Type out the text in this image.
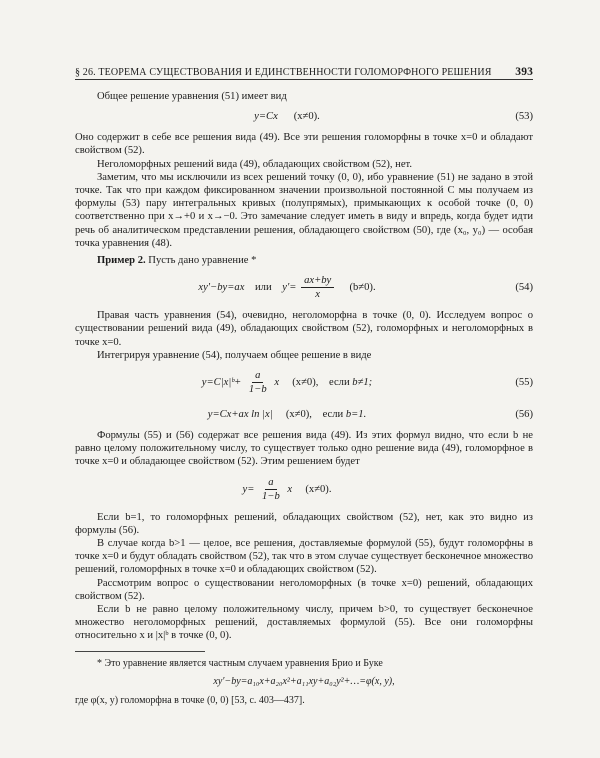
§ 26. ТЕОРЕМА СУЩЕСТВОВАНИЯ И ЕДИНСТВЕННОСТИ ГОЛОМОРФНОГО РЕШЕНИЯ 393

Общее решение уравнения (51) имеет вид

y=Cx (x≠0).	(53)

Оно содержит в себе все решения вида (49). Все эти решения голоморфны в точке x=0 и обладают свойством (52).

Неголоморфных решений вида (49), обладающих свойством (52), нет.

Заметим, что мы исключили из всех решений точку (0, 0), ибо уравнение (51) не задано в этой точке. Так что при каждом фиксированном значении произвольной постоянной C мы получаем из формулы (53) пару интегральных кривых (полупрямых), примыкающих к особой точке (0, 0) соответственно при x→+0 и x→−0. Это замечание следует иметь в виду и впредь, когда будет идти речь об аналитическом представлении решения, обладающего свойством (50), где (x₀, y₀) — особая точка уравнения (48).

Пример 2. Пусть дано уравнение *

xy′−by=ax или $y'= \frac{ax+by}{x} (b\ne 0)$.	(54)

Правая часть уравнения (54), очевидно, неголоморфна в точке (0, 0). Исследуем вопрос о существовании решений вида (49), обладающих свойством (52), голоморфных и неголоморфных в точке x=0.

Интегрируя уравнение (54), получаем общее решение в виде

y=C|x|ᵇ+ $\frac{a}{1-b}$ x (x≠0), если b≠1;	(55)
y=Cx+ax ln |x| (x≠0), если b=1.	(56)

Формулы (55) и (56) содержат все решения вида (49). Из этих формул видно, что если b не равно целому положительному числу, то существует только одно решение вида (49), голоморфное в точке x=0 и обладающее свойством (52). Этим решением будет

$y= \frac{a}{1-b}$ x (x≠0).

Если b=1, то голоморфных решений, обладающих свойством (52), нет, как это видно из формулы (56).

В случае когда b>1 — целое, все решения, доставляемые формулой (55), будут голоморфны в точке x=0 и будут обладать свойством (52), так что в этом случае существует бесконечное множество решений, голоморфных в точке x=0 и обладающих свойством (52).

Рассмотрим вопрос о существовании неголоморфных (в точке x=0) решений, обладающих свойством (52).

Если b не равно целому положительному числу, причем b>0, то существует бесконечное множество неголоморфных решений, доставляемых формулой (55). Все они голоморфны относительно x и |x|ᵇ в точке (0, 0).

* Это уравнение является частным случаем уравнения Брио и Буке

xy′−by=a₁₀x+a₂₀x²+a₁₁xy+a₀₂y²+…=φ(x, y),

где φ(x, y) голоморфна в точке (0, 0) [53, с. 403—437].
